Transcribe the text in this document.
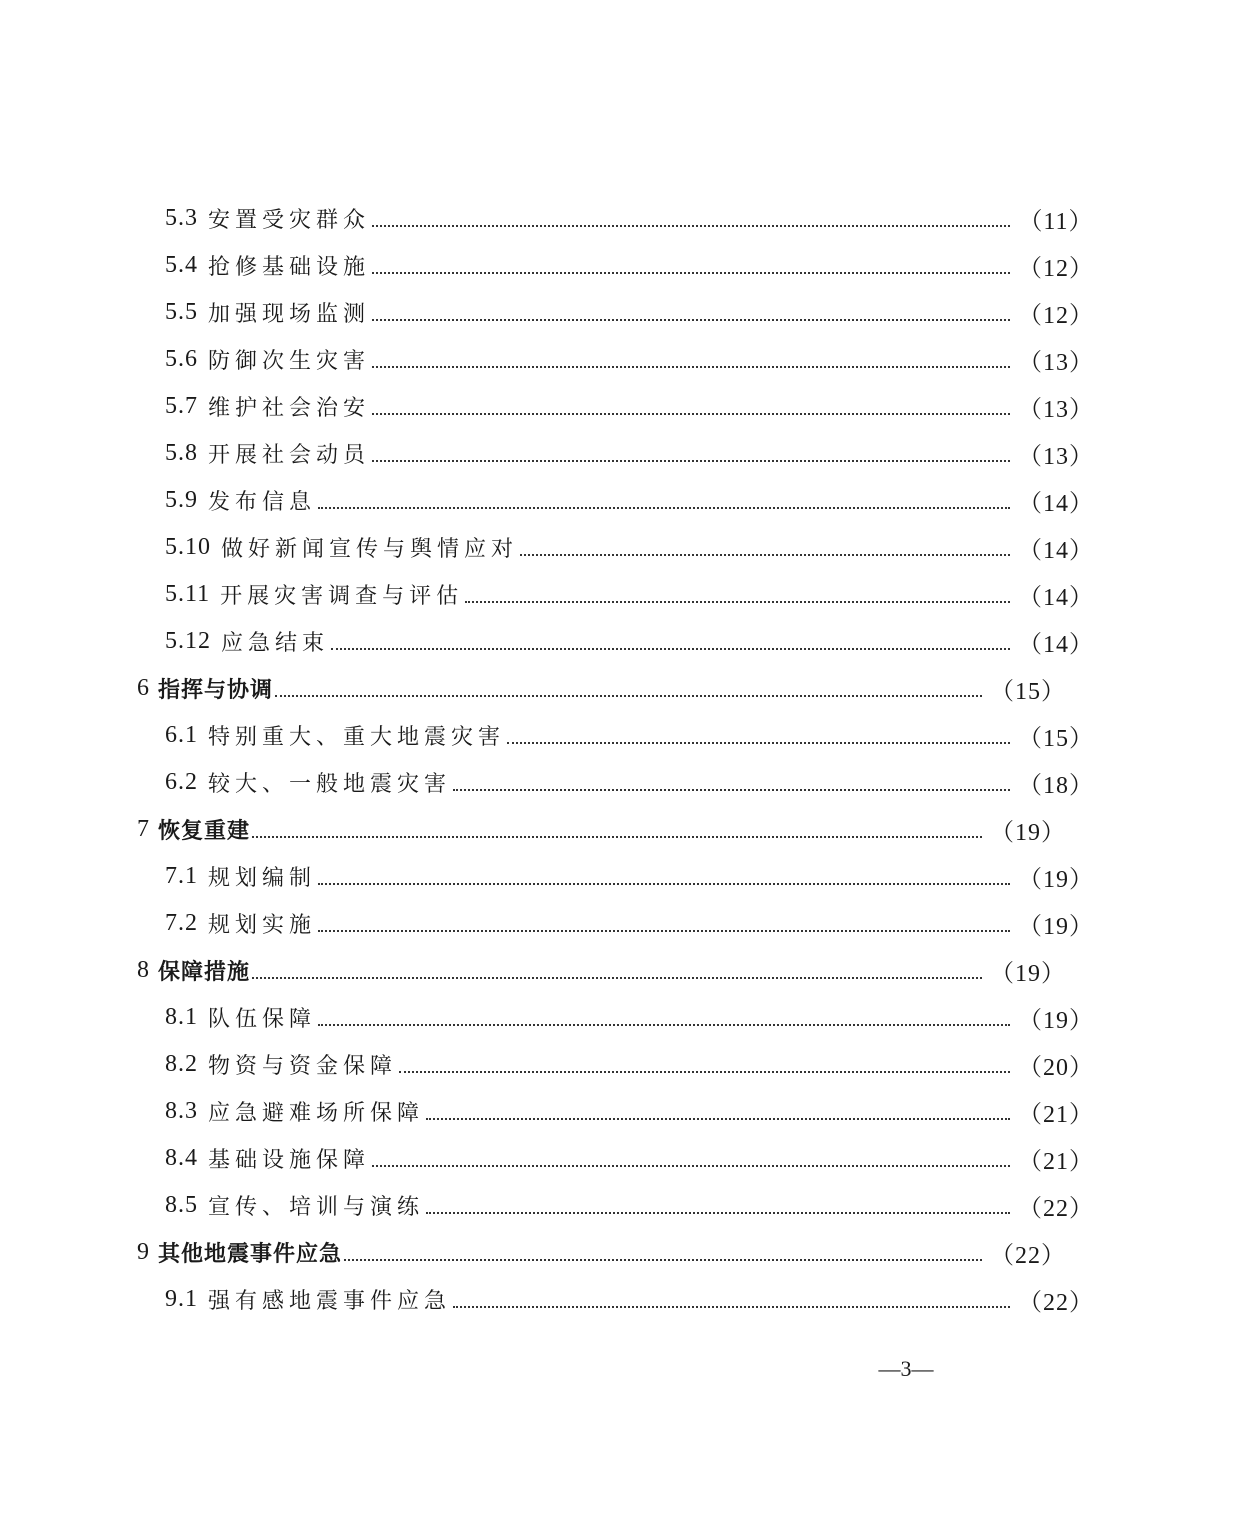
5.3 安置受灾群众	（11）
5.4 抢修基础设施	（12）
5.5 加强现场监测	（12）
5.6 防御次生灾害	（13）
5.7 维护社会治安	（13）
5.8 开展社会动员	（13）
5.9 发布信息	（14）
5.10 做好新闻宣传与舆情应对	（14）
5.11 开展灾害调查与评估	（14）
5.12 应急结束	（14）
6 指挥与协调	（15）
6.1 特别重大、重大地震灾害	（15）
6.2 较大、一般地震灾害	（18）
7 恢复重建	（19）
7.1 规划编制	（19）
7.2 规划实施	（19）
8 保障措施	（19）
8.1 队伍保障	（19）
8.2 物资与资金保障	（20）
8.3 应急避难场所保障	（21）
8.4 基础设施保障	（21）
8.5 宣传、培训与演练	（22）
9 其他地震事件应急	（22）
9.1 强有感地震事件应急	（22）
—3—
